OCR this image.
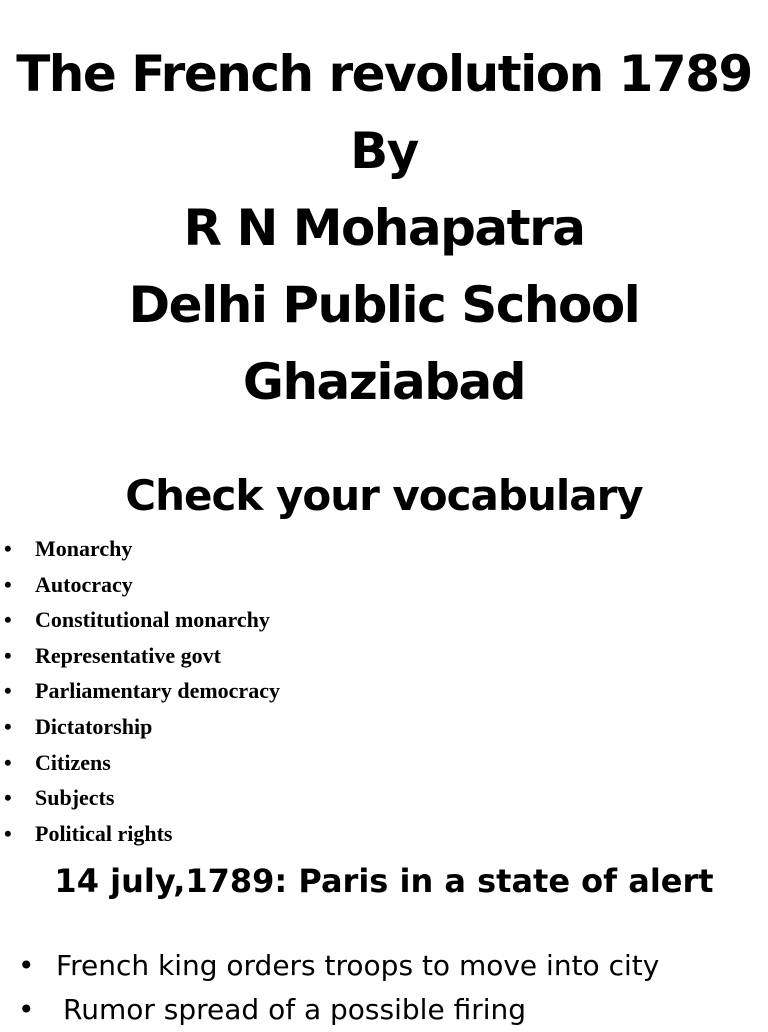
The French revolution 1789
By
R N Mohapatra
Delhi Public School
Ghaziabad
Check your vocabulary
• Monarchy
• Autocracy
• Constitutional monarchy
• Representative govt
• Parliamentary democracy
• Dictatorship
• Citizens
• Subjects
• Political rights
14 july,1789: Paris in a state of alert
• French king orders troops to move into city
• Rumor spread of a possible firing
